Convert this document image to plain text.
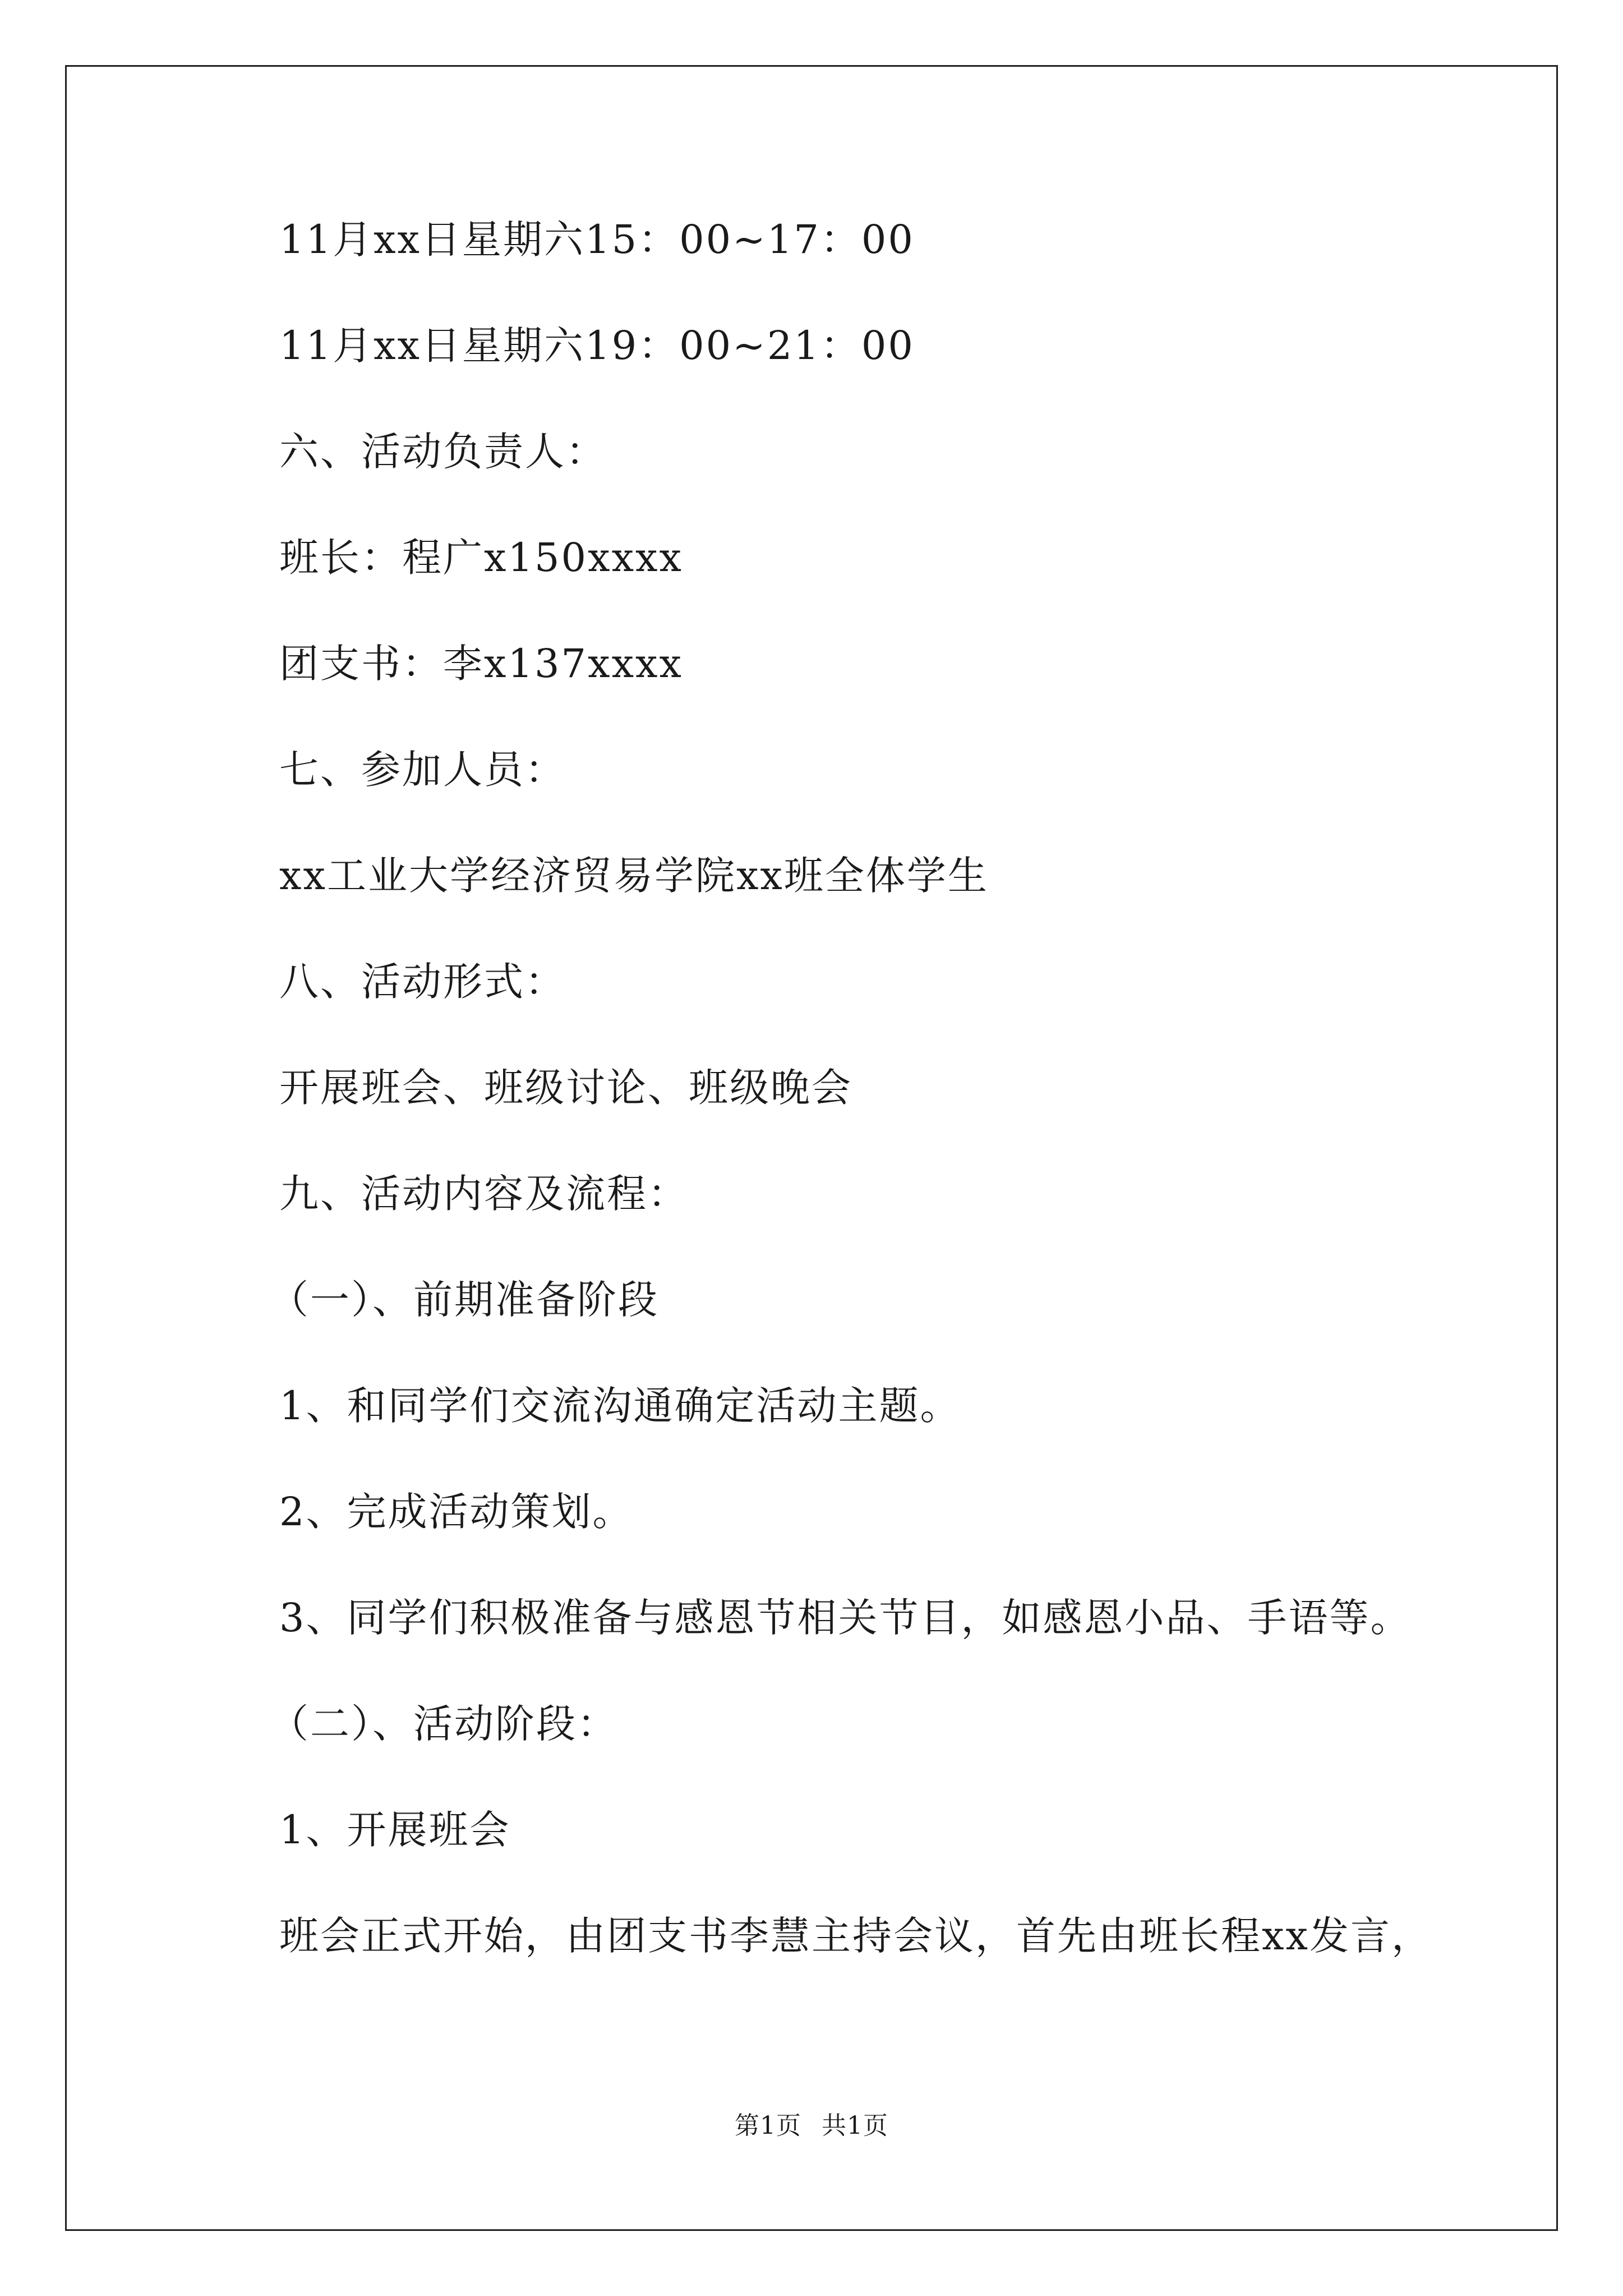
11月xx日星期六15：00~17：00
11月xx日星期六19：00~21：00
六、活动负责人：
班长：程广x150xxxx
团支书：李x137xxxx
七、参加人员：
xx工业大学经济贸易学院xx班全体学生
八、活动形式：
开展班会、班级讨论、班级晚会
九、活动内容及流程：
（一）、前期准备阶段
1、和同学们交流沟通确定活动主题。
2、完成活动策划。
3、同学们积极准备与感恩节相关节目，如感恩小品、手语等。
（二）、活动阶段：
1、开展班会
班会正式开始，由团支书李慧主持会议，首先由班长程xx发言，
第1页 共1页
